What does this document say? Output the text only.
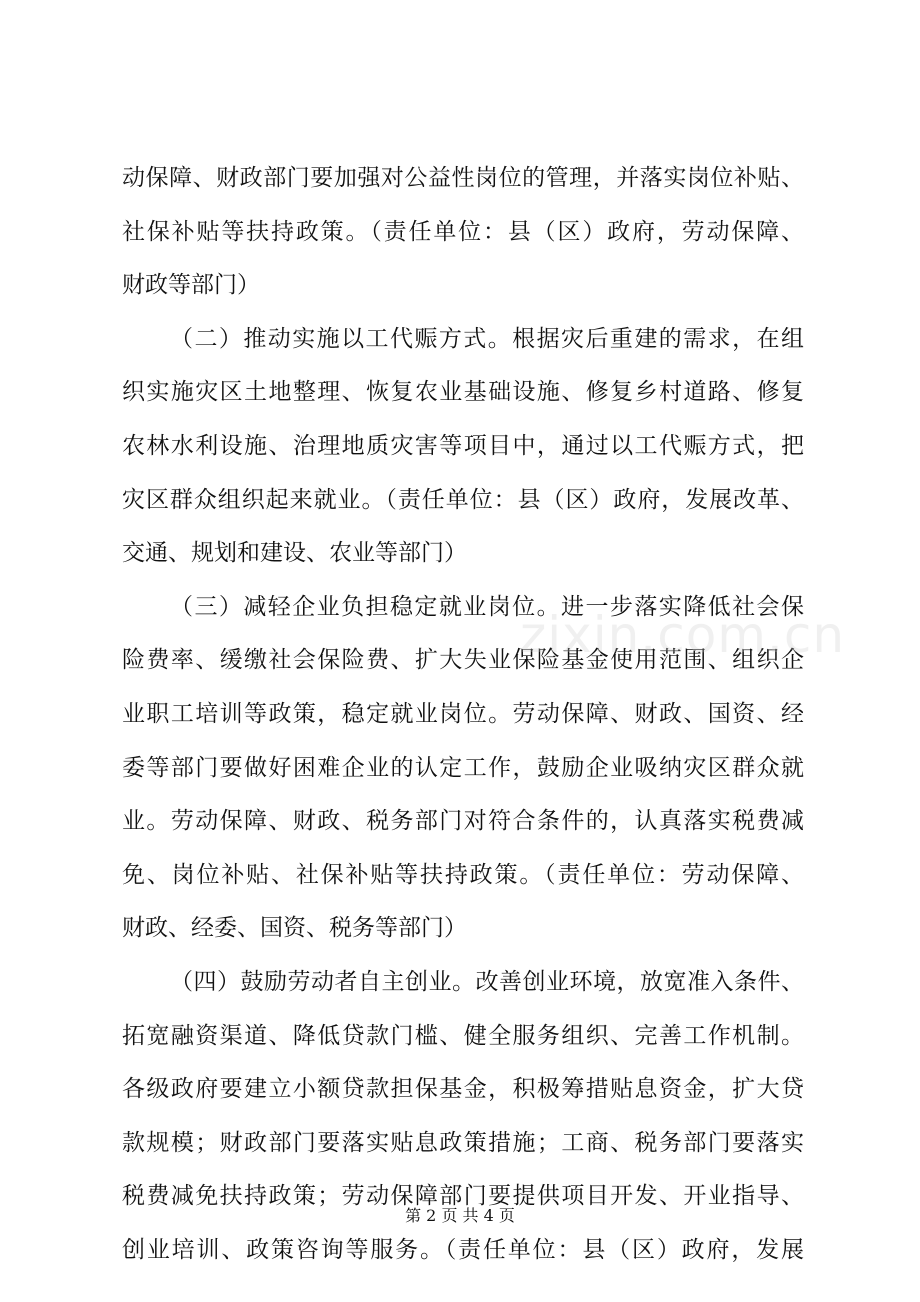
动保障、财政部门要加强对公益性岗位的管理，并落实岗位补贴、
社保补贴等扶持政策。（责任单位：县（区）政府，劳动保障、
财政等部门）
（二）推动实施以工代赈方式。根据灾后重建的需求，在组
织实施灾区土地整理、恢复农业基础设施、修复乡村道路、修复
农林水利设施、治理地质灾害等项目中，通过以工代赈方式，把
灾区群众组织起来就业。（责任单位：县（区）政府，发展改革、
交通、规划和建设、农业等部门）
（三）减轻企业负担稳定就业岗位。进一步落实降低社会保
险费率、缓缴社会保险费、扩大失业保险基金使用范围、组织企
业职工培训等政策，稳定就业岗位。劳动保障、财政、国资、经
委等部门要做好困难企业的认定工作，鼓励企业吸纳灾区群众就
业。劳动保障、财政、税务部门对符合条件的，认真落实税费减
免、岗位补贴、社保补贴等扶持政策。（责任单位：劳动保障、
财政、经委、国资、税务等部门）
（四）鼓励劳动者自主创业。改善创业环境，放宽准入条件、
拓宽融资渠道、降低贷款门槛、健全服务组织、完善工作机制。
各级政府要建立小额贷款担保基金，积极筹措贴息资金，扩大贷
款规模；财政部门要落实贴息政策措施；工商、税务部门要落实
税费减免扶持政策；劳动保障部门要提供项目开发、开业指导、
创业培训、政策咨询等服务。（责任单位：县（区）政府，发展
zixin.com.cn
第 2 页 共 4 页
